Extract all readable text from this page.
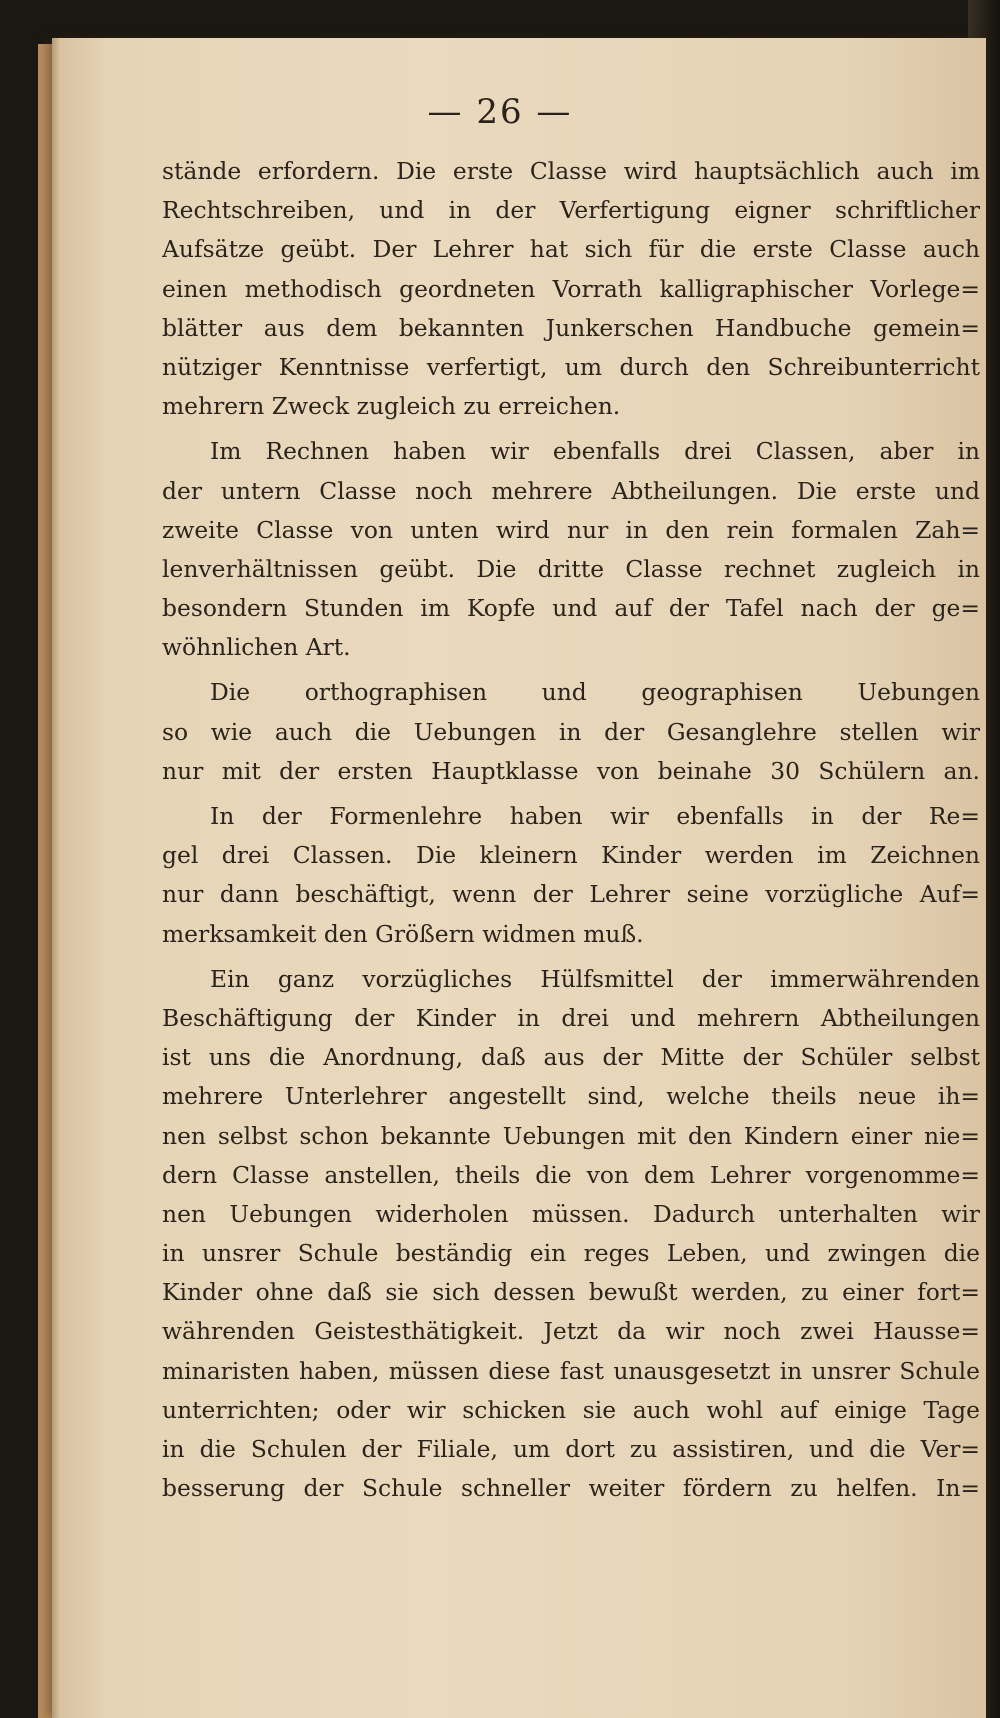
— 26 —
stände erfordern. Die erste Classe wird hauptsächlich auch im
Rechtschreiben, und in der Verfertigung eigner schriftlicher
Aufsätze geübt. Der Lehrer hat sich für die erste Classe auch
einen methodisch geordneten Vorrath kalligraphischer Vorlege=
blätter aus dem bekannten Junkerschen Handbuche gemein=
nütziger Kenntnisse verfertigt, um durch den Schreibunterricht
mehrern Zweck zugleich zu erreichen.
Im Rechnen haben wir ebenfalls drei Classen, aber in
der untern Classe noch mehrere Abtheilungen. Die erste und
zweite Classe von unten wird nur in den rein formalen Zah=
lenverhältnissen geübt. Die dritte Classe rechnet zugleich in
besondern Stunden im Kopfe und auf der Tafel nach der ge=
wöhnlichen Art.
Die orthographisen und geographisen Uebungen
so wie auch die Uebungen in der Gesanglehre stellen wir
nur mit der ersten Hauptklasse von beinahe 30 Schülern an.
In der Formenlehre haben wir ebenfalls in der Re=
gel drei Classen. Die kleinern Kinder werden im Zeichnen
nur dann beschäftigt, wenn der Lehrer seine vorzügliche Auf=
merksamkeit den Größern widmen muß.
Ein ganz vorzügliches Hülfsmittel der immerwährenden
Beschäftigung der Kinder in drei und mehrern Abtheilungen
ist uns die Anordnung, daß aus der Mitte der Schüler selbst
mehrere Unterlehrer angestellt sind, welche theils neue ih=
nen selbst schon bekannte Uebungen mit den Kindern einer nie=
dern Classe anstellen, theils die von dem Lehrer vorgenomme=
nen Uebungen widerholen müssen. Dadurch unterhalten wir
in unsrer Schule beständig ein reges Leben, und zwingen die
Kinder ohne daß sie sich dessen bewußt werden, zu einer fort=
währenden Geistesthätigkeit. Jetzt da wir noch zwei Hausse=
minaristen haben, müssen diese fast unausgesetzt in unsrer Schule
unterrichten; oder wir schicken sie auch wohl auf einige Tage
in die Schulen der Filiale, um dort zu assistiren, und die Ver=
besserung der Schule schneller weiter fördern zu helfen. In=
